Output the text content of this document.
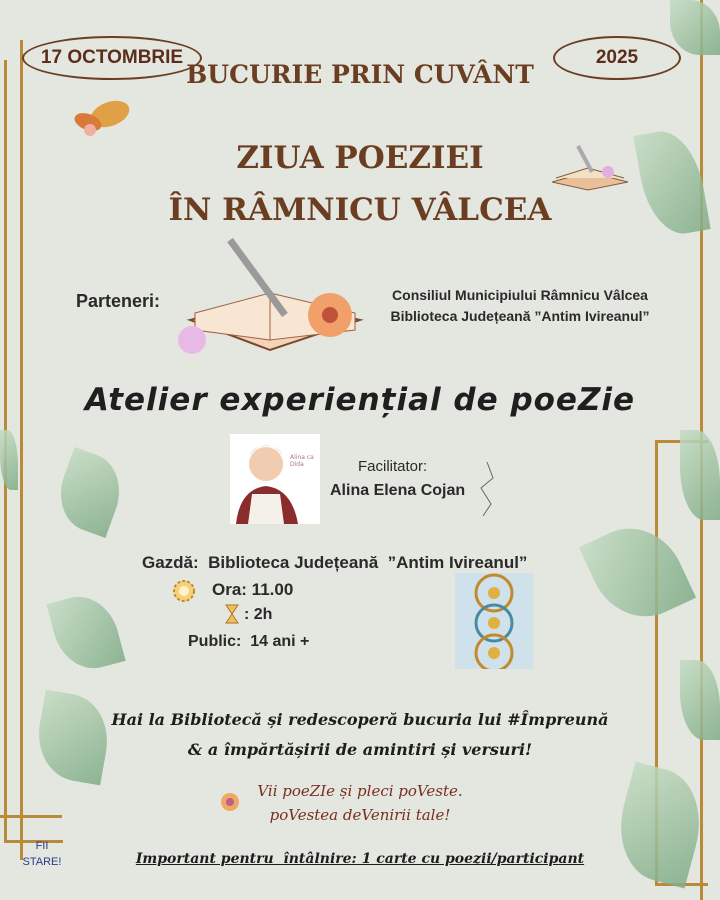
17 OCTOMBRIE	2025
BUCURIE PRIN CUVÂNT
ZIUA POEZIEI
ÎN RÂMNICU VÂLCEA
Parteneri:	Consiliul Municipiului Râmnicu Vâlcea
Biblioteca Județeană ”Antim Ivireanul”
Atelier experiențial de poeZie
Alina ca Dida	Facilitator:
Alina Elena Cojan
Gazdă:  Biblioteca Județeană  ”Antim Ivireanul”
Ora: 11.00
: 2h
Public:  14 ani +
Hai la Bibliotecă și redescoperă bucuria lui #Împreună
& a împărtășirii de amintiri și versuri!
Vii poeZIe și pleci poVeste.
poVestea deVenirii tale!
FII
STARE!	Important pentru  întâlnire: 1 carte cu poezii/participant
